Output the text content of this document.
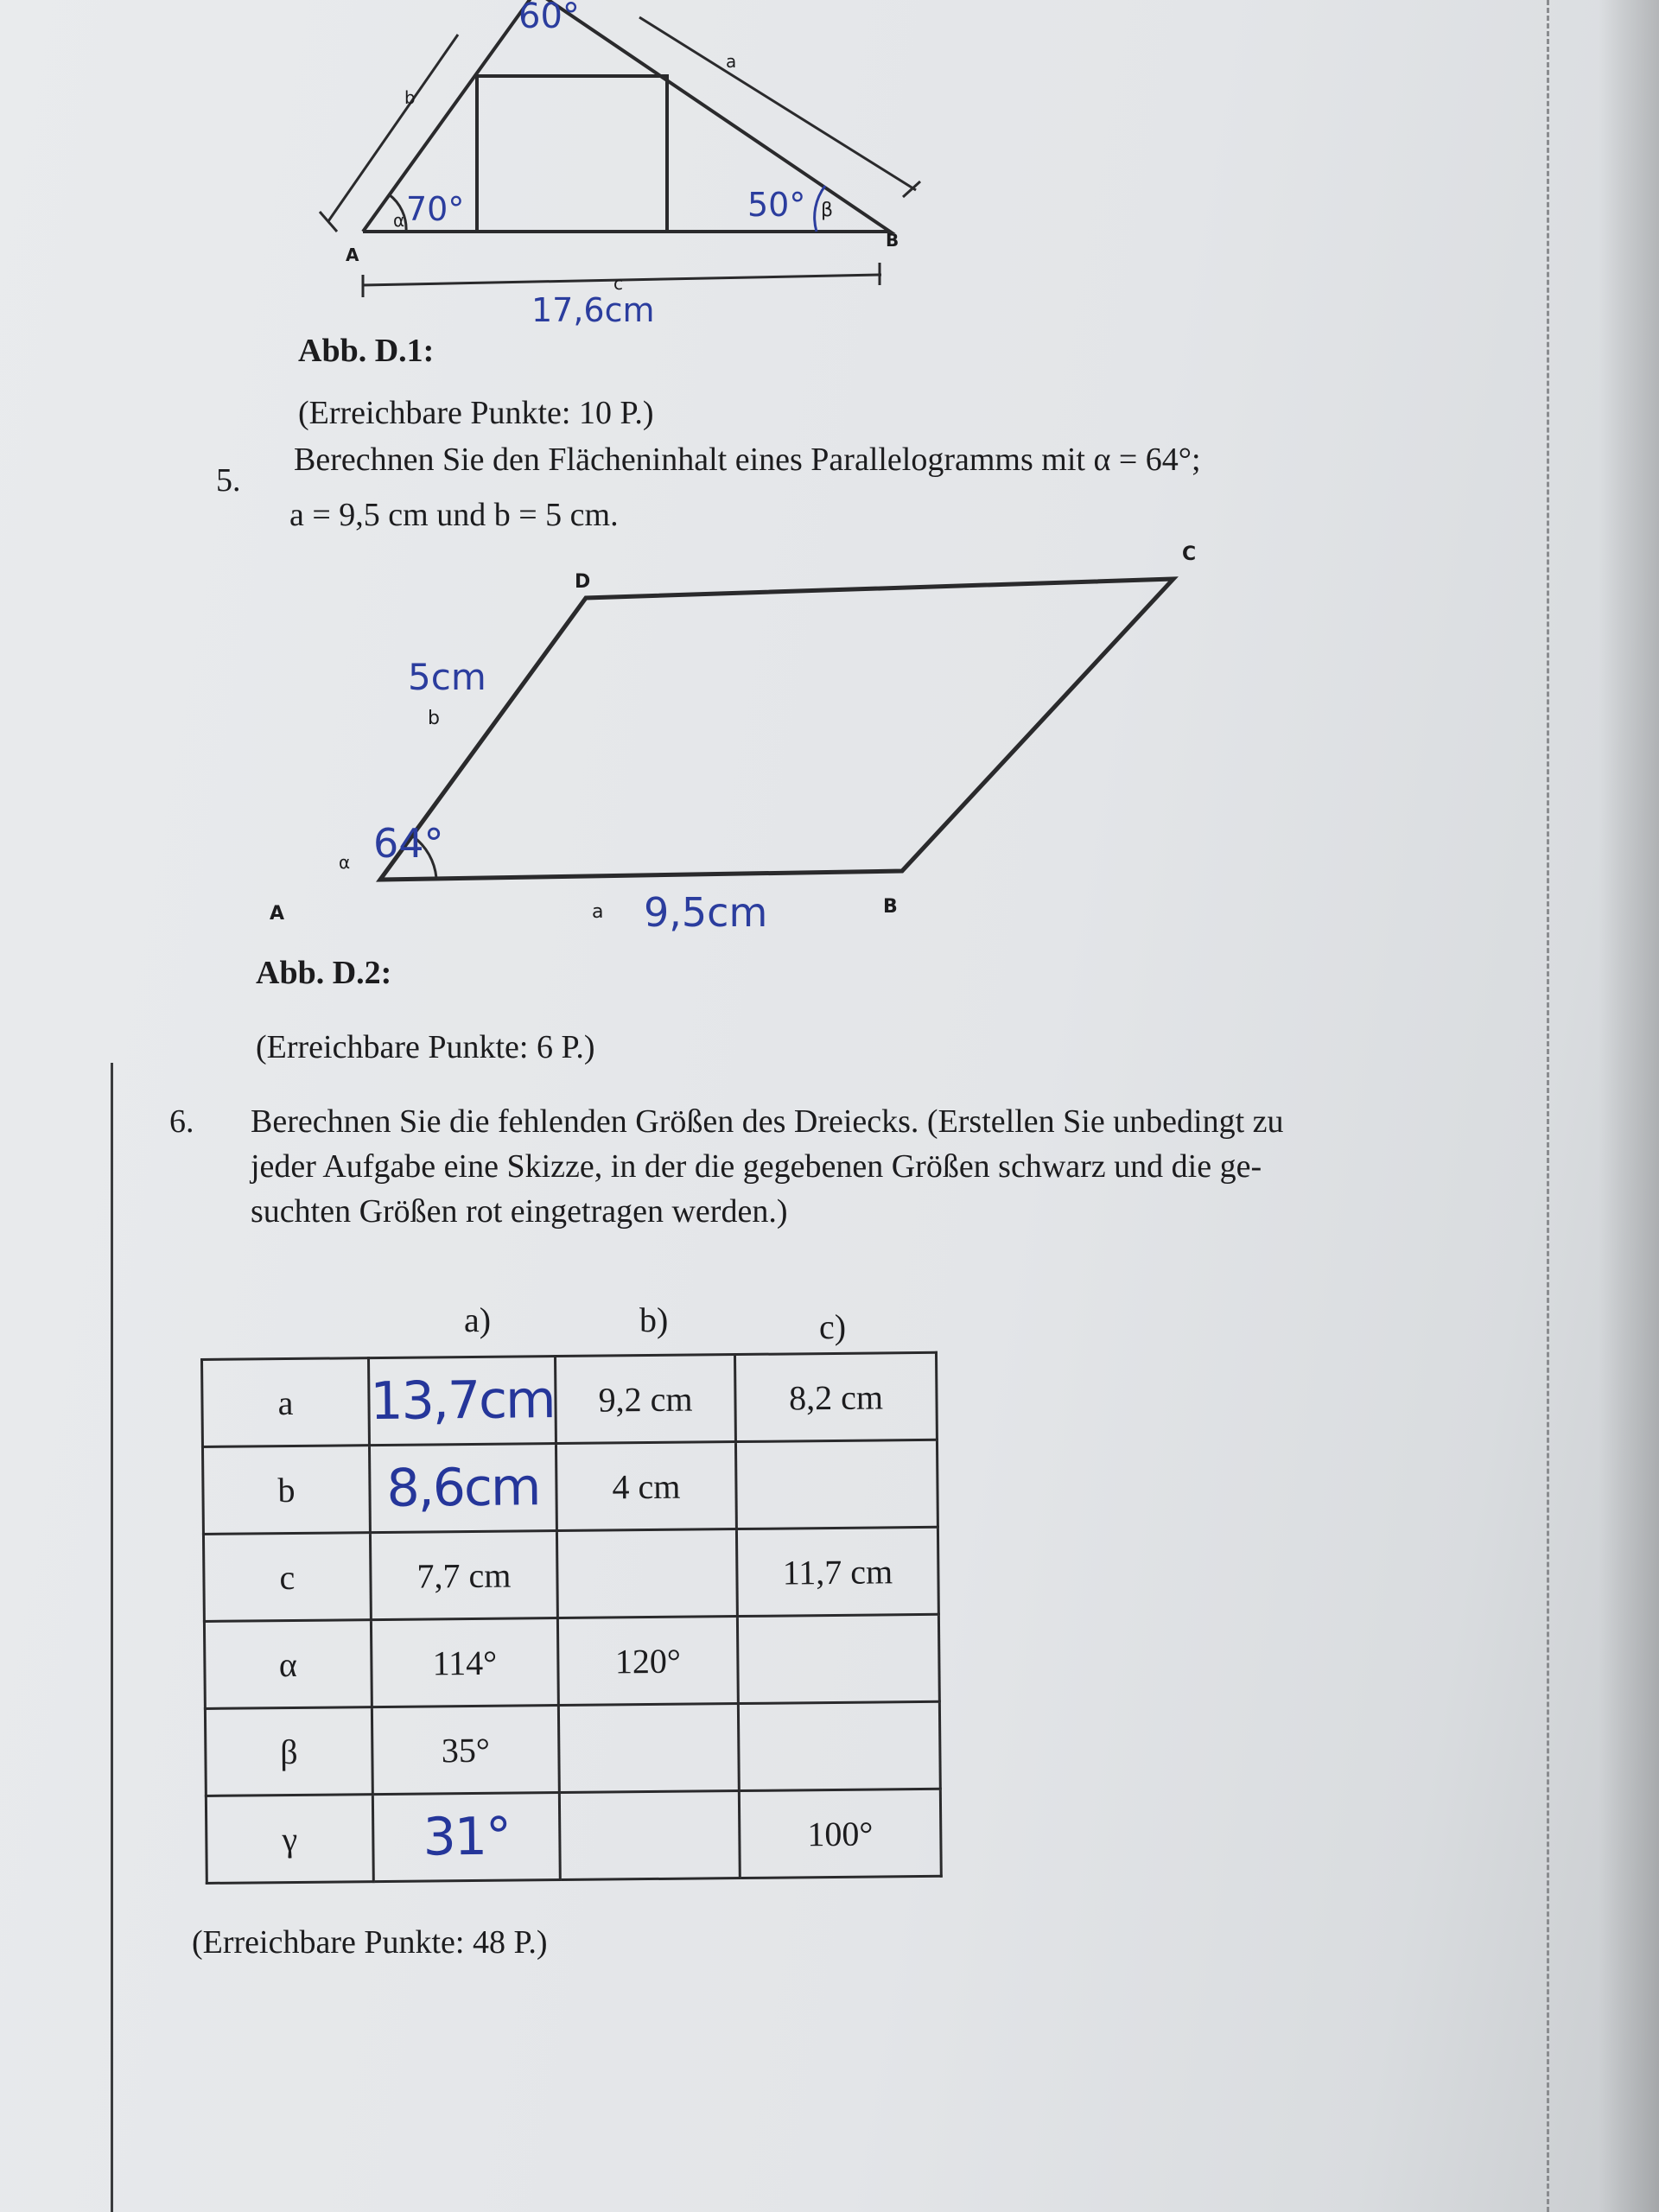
60°
a
b
α 70°	50° β
A
B
c
17,6cm
Abb. D.1:
(Erreichbare Punkte: 10 P.)
5.
Berechnen Sie den Flächeninhalt eines Parallelogramms mit α = 64°;
a = 9,5 cm und b = 5 cm.
D
C
5cm
b
α 64°
A	a 9,5cm	B
Abb. D.2:
(Erreichbare Punkte: 6 P.)
6. Berechnen Sie die fehlenden Größen des Dreiecks. (Erstellen Sie unbedingt zu
jeder Aufgabe eine Skizze, in der die gegebenen Größen schwarz und die ge-
suchten Größen rot eingetragen werden.)
a)	b)	c)
a	13,7cm	9,2 cm	8,2 cm
b	8,6cm	4 cm	
c	7,7 cm		11,7 cm
α	114°	120°	
β	35°		
γ	31°		100°
(Erreichbare Punkte: 48 P.)
